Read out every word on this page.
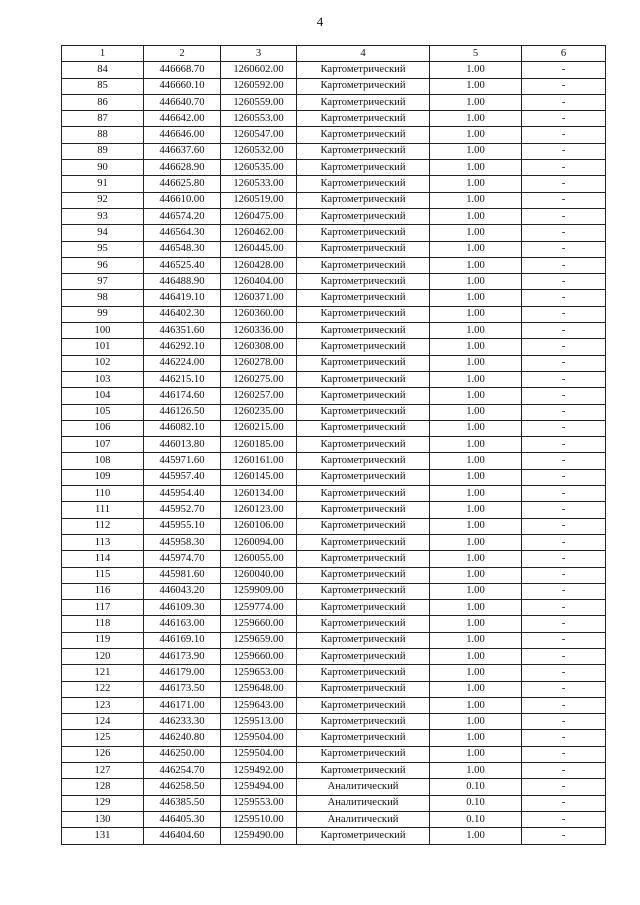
4
1	2	3	4	5	6
84	446668.70	1260602.00	Картометрический	1.00	-
85	446660.10	1260592.00	Картометрический	1.00	-
86	446640.70	1260559.00	Картометрический	1.00	-
87	446642.00	1260553.00	Картометрический	1.00	-
88	446646.00	1260547.00	Картометрический	1.00	-
89	446637.60	1260532.00	Картометрический	1.00	-
90	446628.90	1260535.00	Картометрический	1.00	-
91	446625.80	1260533.00	Картометрический	1.00	-
92	446610.00	1260519.00	Картометрический	1.00	-
93	446574.20	1260475.00	Картометрический	1.00	-
94	446564.30	1260462.00	Картометрический	1.00	-
95	446548.30	1260445.00	Картометрический	1.00	-
96	446525.40	1260428.00	Картометрический	1.00	-
97	446488.90	1260404.00	Картометрический	1.00	-
98	446419.10	1260371.00	Картометрический	1.00	-
99	446402.30	1260360.00	Картометрический	1.00	-
100	446351.60	1260336.00	Картометрический	1.00	-
101	446292.10	1260308.00	Картометрический	1.00	-
102	446224.00	1260278.00	Картометрический	1.00	-
103	446215.10	1260275.00	Картометрический	1.00	-
104	446174.60	1260257.00	Картометрический	1.00	-
105	446126.50	1260235.00	Картометрический	1.00	-
106	446082.10	1260215.00	Картометрический	1.00	-
107	446013.80	1260185.00	Картометрический	1.00	-
108	445971.60	1260161.00	Картометрический	1.00	-
109	445957.40	1260145.00	Картометрический	1.00	-
110	445954.40	1260134.00	Картометрический	1.00	-
111	445952.70	1260123.00	Картометрический	1.00	-
112	445955.10	1260106.00	Картометрический	1.00	-
113	445958.30	1260094.00	Картометрический	1.00	-
114	445974.70	1260055.00	Картометрический	1.00	-
115	445981.60	1260040.00	Картометрический	1.00	-
116	446043.20	1259909.00	Картометрический	1.00	-
117	446109.30	1259774.00	Картометрический	1.00	-
118	446163.00	1259660.00	Картометрический	1.00	-
119	446169.10	1259659.00	Картометрический	1.00	-
120	446173.90	1259660.00	Картометрический	1.00	-
121	446179.00	1259653.00	Картометрический	1.00	-
122	446173.50	1259648.00	Картометрический	1.00	-
123	446171.00	1259643.00	Картометрический	1.00	-
124	446233.30	1259513.00	Картометрический	1.00	-
125	446240.80	1259504.00	Картометрический	1.00	-
126	446250.00	1259504.00	Картометрический	1.00	-
127	446254.70	1259492.00	Картометрический	1.00	-
128	446258.50	1259494.00	Аналитический	0.10	-
129	446385.50	1259553.00	Аналитический	0.10	-
130	446405.30	1259510.00	Аналитический	0.10	-
131	446404.60	1259490.00	Картометрический	1.00	-
